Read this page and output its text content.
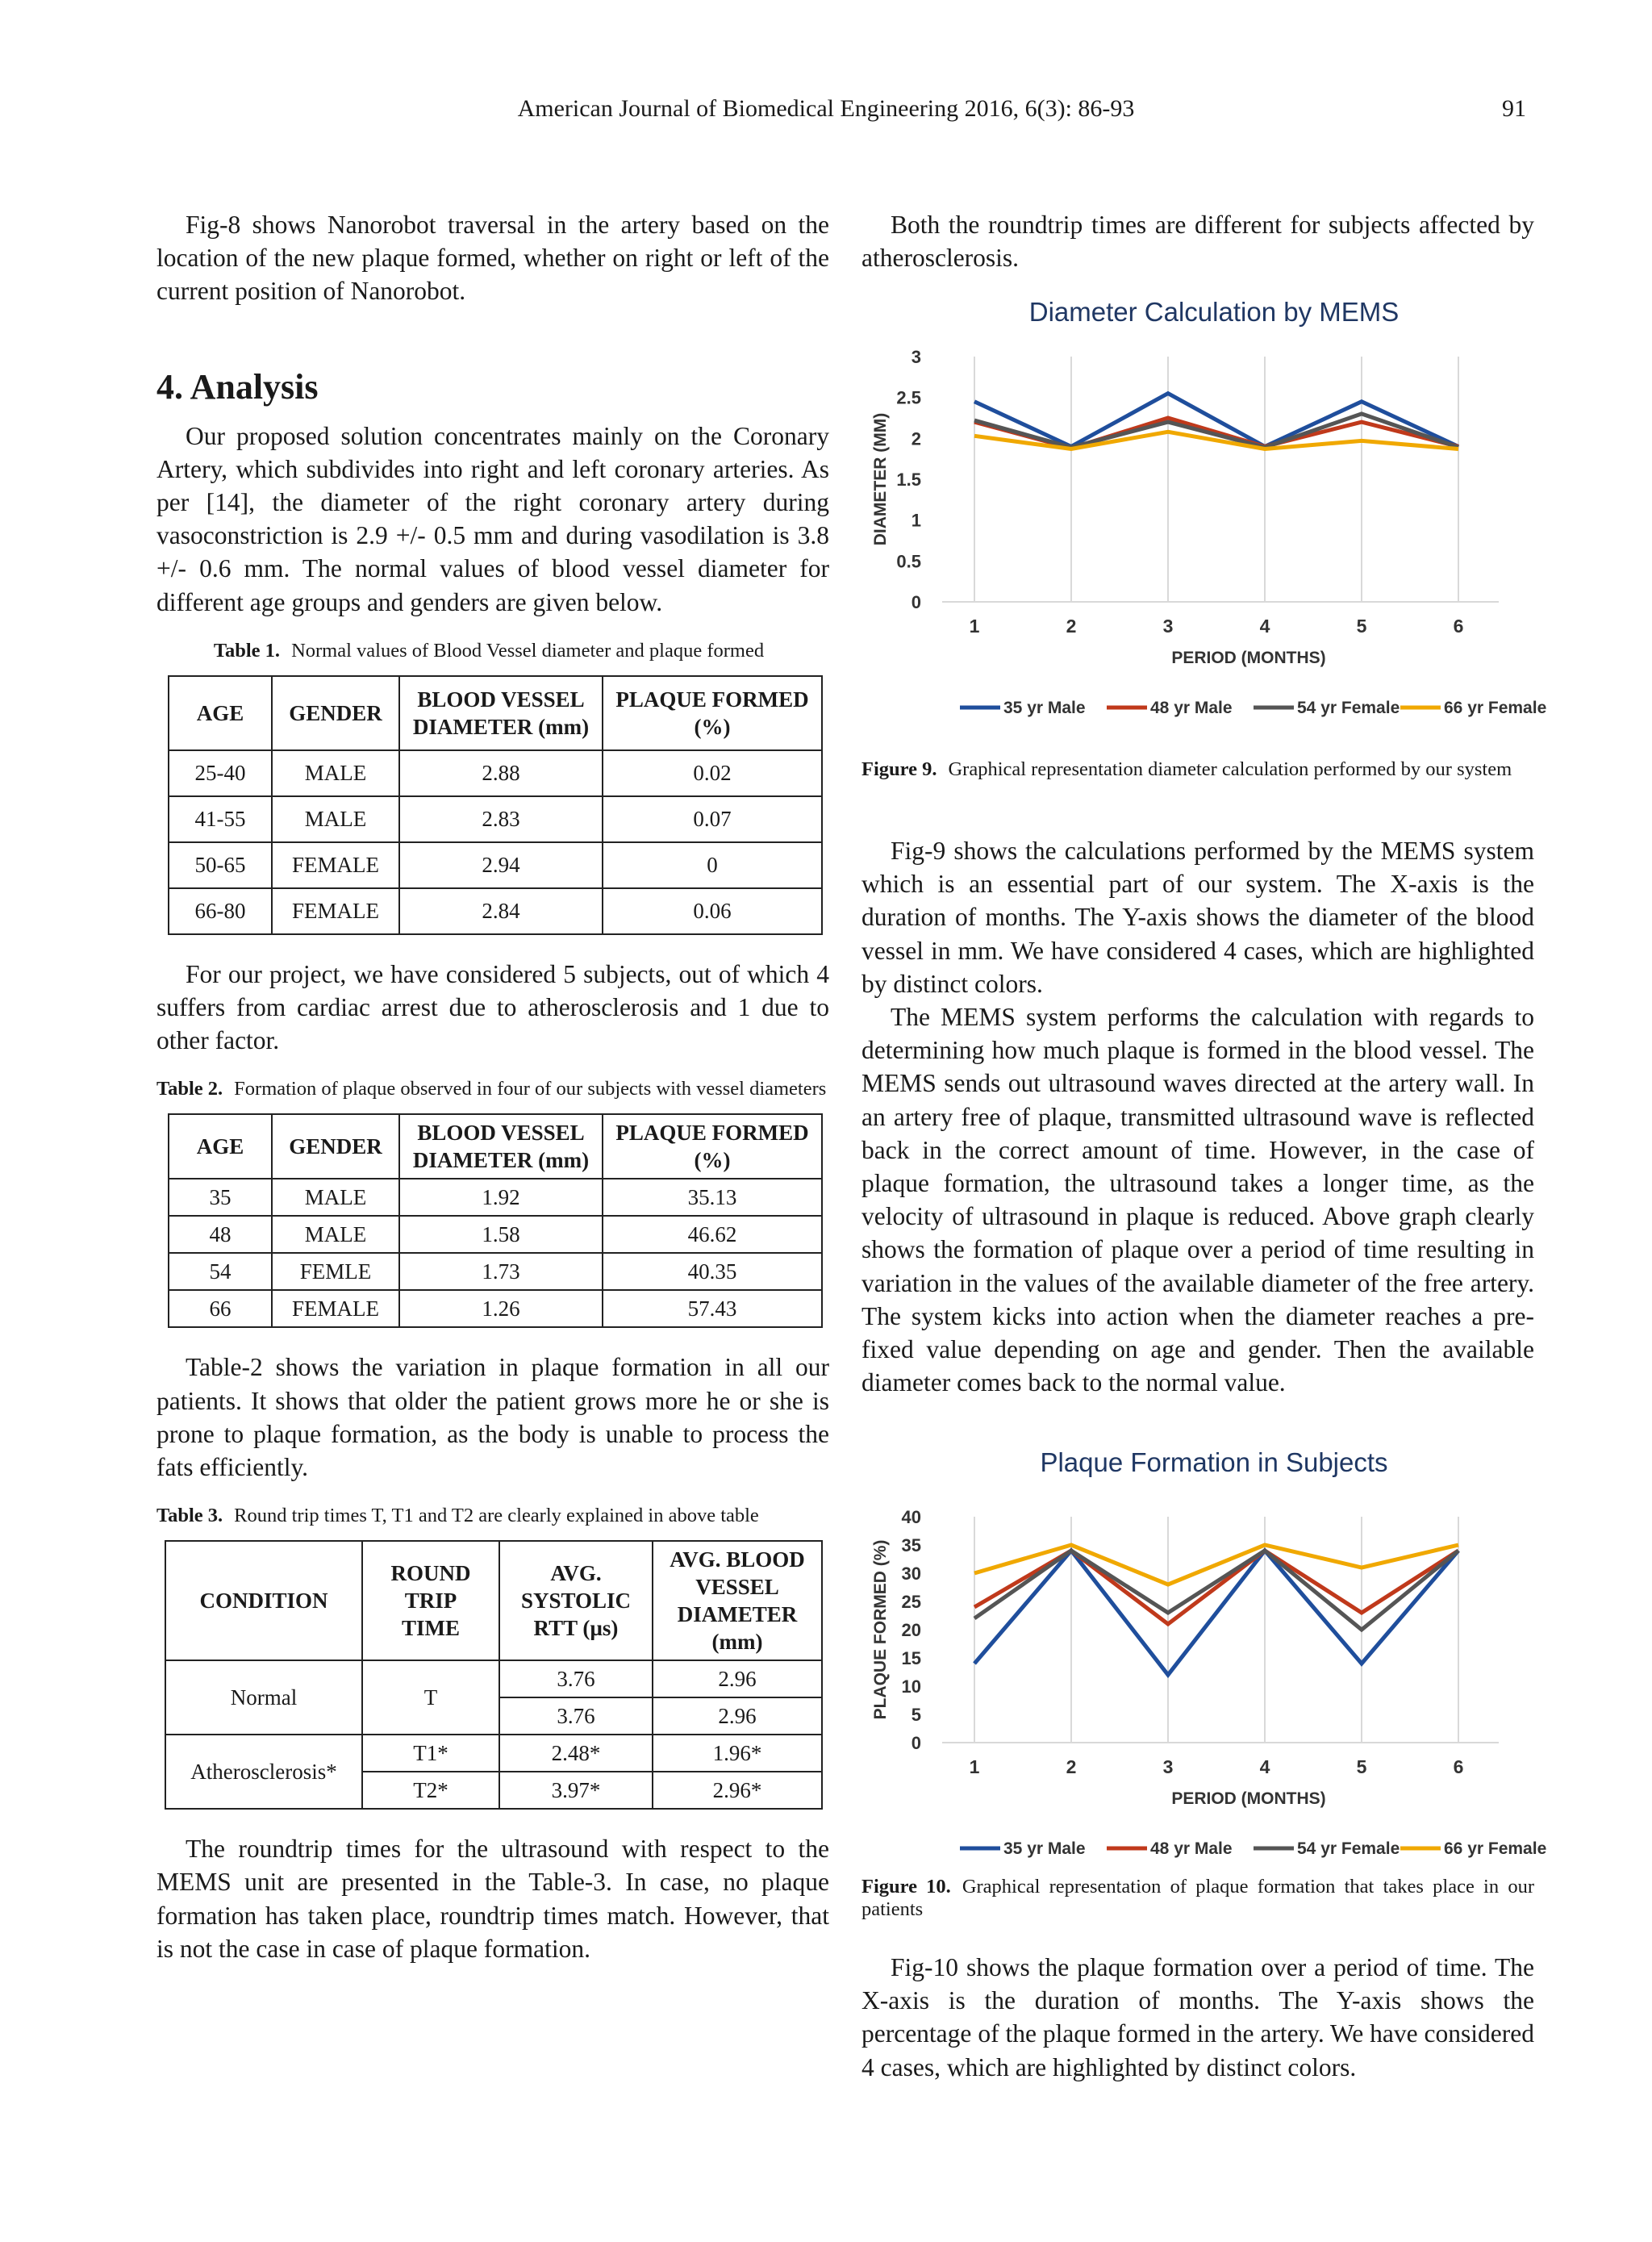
American Journal of Biomedical Engineering 2016, 6(3): 86-93	91

Fig-8 shows Nanorobot traversal in the artery based on the location of the new plaque formed, whether on right or left of the current position of Nanorobot.

4. Analysis

Our proposed solution concentrates mainly on the Coronary Artery, which subdivides into right and left coronary arteries. As per [14], the diameter of the right coronary artery during vasoconstriction is 2.9 +/- 0.5 mm and during vasodilation is 3.8 +/- 0.6 mm. The normal values of blood vessel diameter for different age groups and genders are given below.

Table 1. Normal values of Blood Vessel diameter and plaque formed
AGE	GENDER	BLOOD VESSEL DIAMETER (mm)	PLAQUE FORMED (%)
25-40	MALE	2.88	0.02
41-55	MALE	2.83	0.07
50-65	FEMALE	2.94	0
66-80	FEMALE	2.84	0.06

For our project, we have considered 5 subjects, out of which 4 suffers from cardiac arrest due to atherosclerosis and 1 due to other factor.

Table 2. Formation of plaque observed in four of our subjects with vessel diameters
AGE	GENDER	BLOOD VESSEL DIAMETER (mm)	PLAQUE FORMED (%)
35	MALE	1.92	35.13
48	MALE	1.58	46.62
54	FEMLE	1.73	40.35
66	FEMALE	1.26	57.43

Table-2 shows the variation in plaque formation in all our patients. It shows that older the patient grows more he or she is prone to plaque formation, as the body is unable to process the fats efficiently.

Table 3. Round trip times T, T1 and T2 are clearly explained in above table
CONDITION	ROUND TRIP TIME	AVG. SYSTOLIC RTT (µs)	AVG. BLOOD VESSEL DIAMETER (mm)
Normal	T	3.76	2.96
		3.76	2.96
Atherosclerosis*	T1*	2.48*	1.96*
	T2*	3.97*	2.96*

The roundtrip times for the ultrasound with respect to the MEMS unit are presented in the Table-3. In case, no plaque formation has taken place, roundtrip times match. However, that is not the case in case of plaque formation.

Both the roundtrip times are different for subjects affected by atherosclerosis.

Diameter Calculation by MEMS
0
0.5
1
1.5
2
2.5
3
1	2	3	4	5	6
PERIOD (MONTHS)
DIAMETER (MM)
35 yr Male	48 yr Male	54 yr Female	66 yr Female
Figure 9. Graphical representation diameter calculation performed by our system

Fig-9 shows the calculations performed by the MEMS system which is an essential part of our system. The X-axis is the duration of months. The Y-axis shows the diameter of the blood vessel in mm. We have considered 4 cases, which are highlighted by distinct colors.

The MEMS system performs the calculation with regards to determining how much plaque is formed in the blood vessel. The MEMS sends out ultrasound waves directed at the artery wall. In an artery free of plaque, transmitted ultrasound wave is reflected back in the correct amount of time. However, in the case of plaque formation, the ultrasound takes a longer time, as the velocity of ultrasound in plaque is reduced. Above graph clearly shows the formation of plaque over a period of time resulting in variation in the values of the available diameter of the free artery. The system kicks into action when the diameter reaches a pre-fixed value depending on age and gender. Then the available diameter comes back to the normal value.

Plaque Formation in Subjects
0
5
10
15
20
25
30
35
40
1	2	3	4	5	6
PERIOD (MONTHS)
PLAQUE FORMED (%)
35 yr Male	48 yr Male	54 yr Female	66 yr Female
Figure 10. Graphical representation of plaque formation that takes place in our patients

Fig-10 shows the plaque formation over a period of time. The X-axis is the duration of months. The Y-axis shows the percentage of the plaque formed in the artery. We have considered 4 cases, which are highlighted by distinct colors.
